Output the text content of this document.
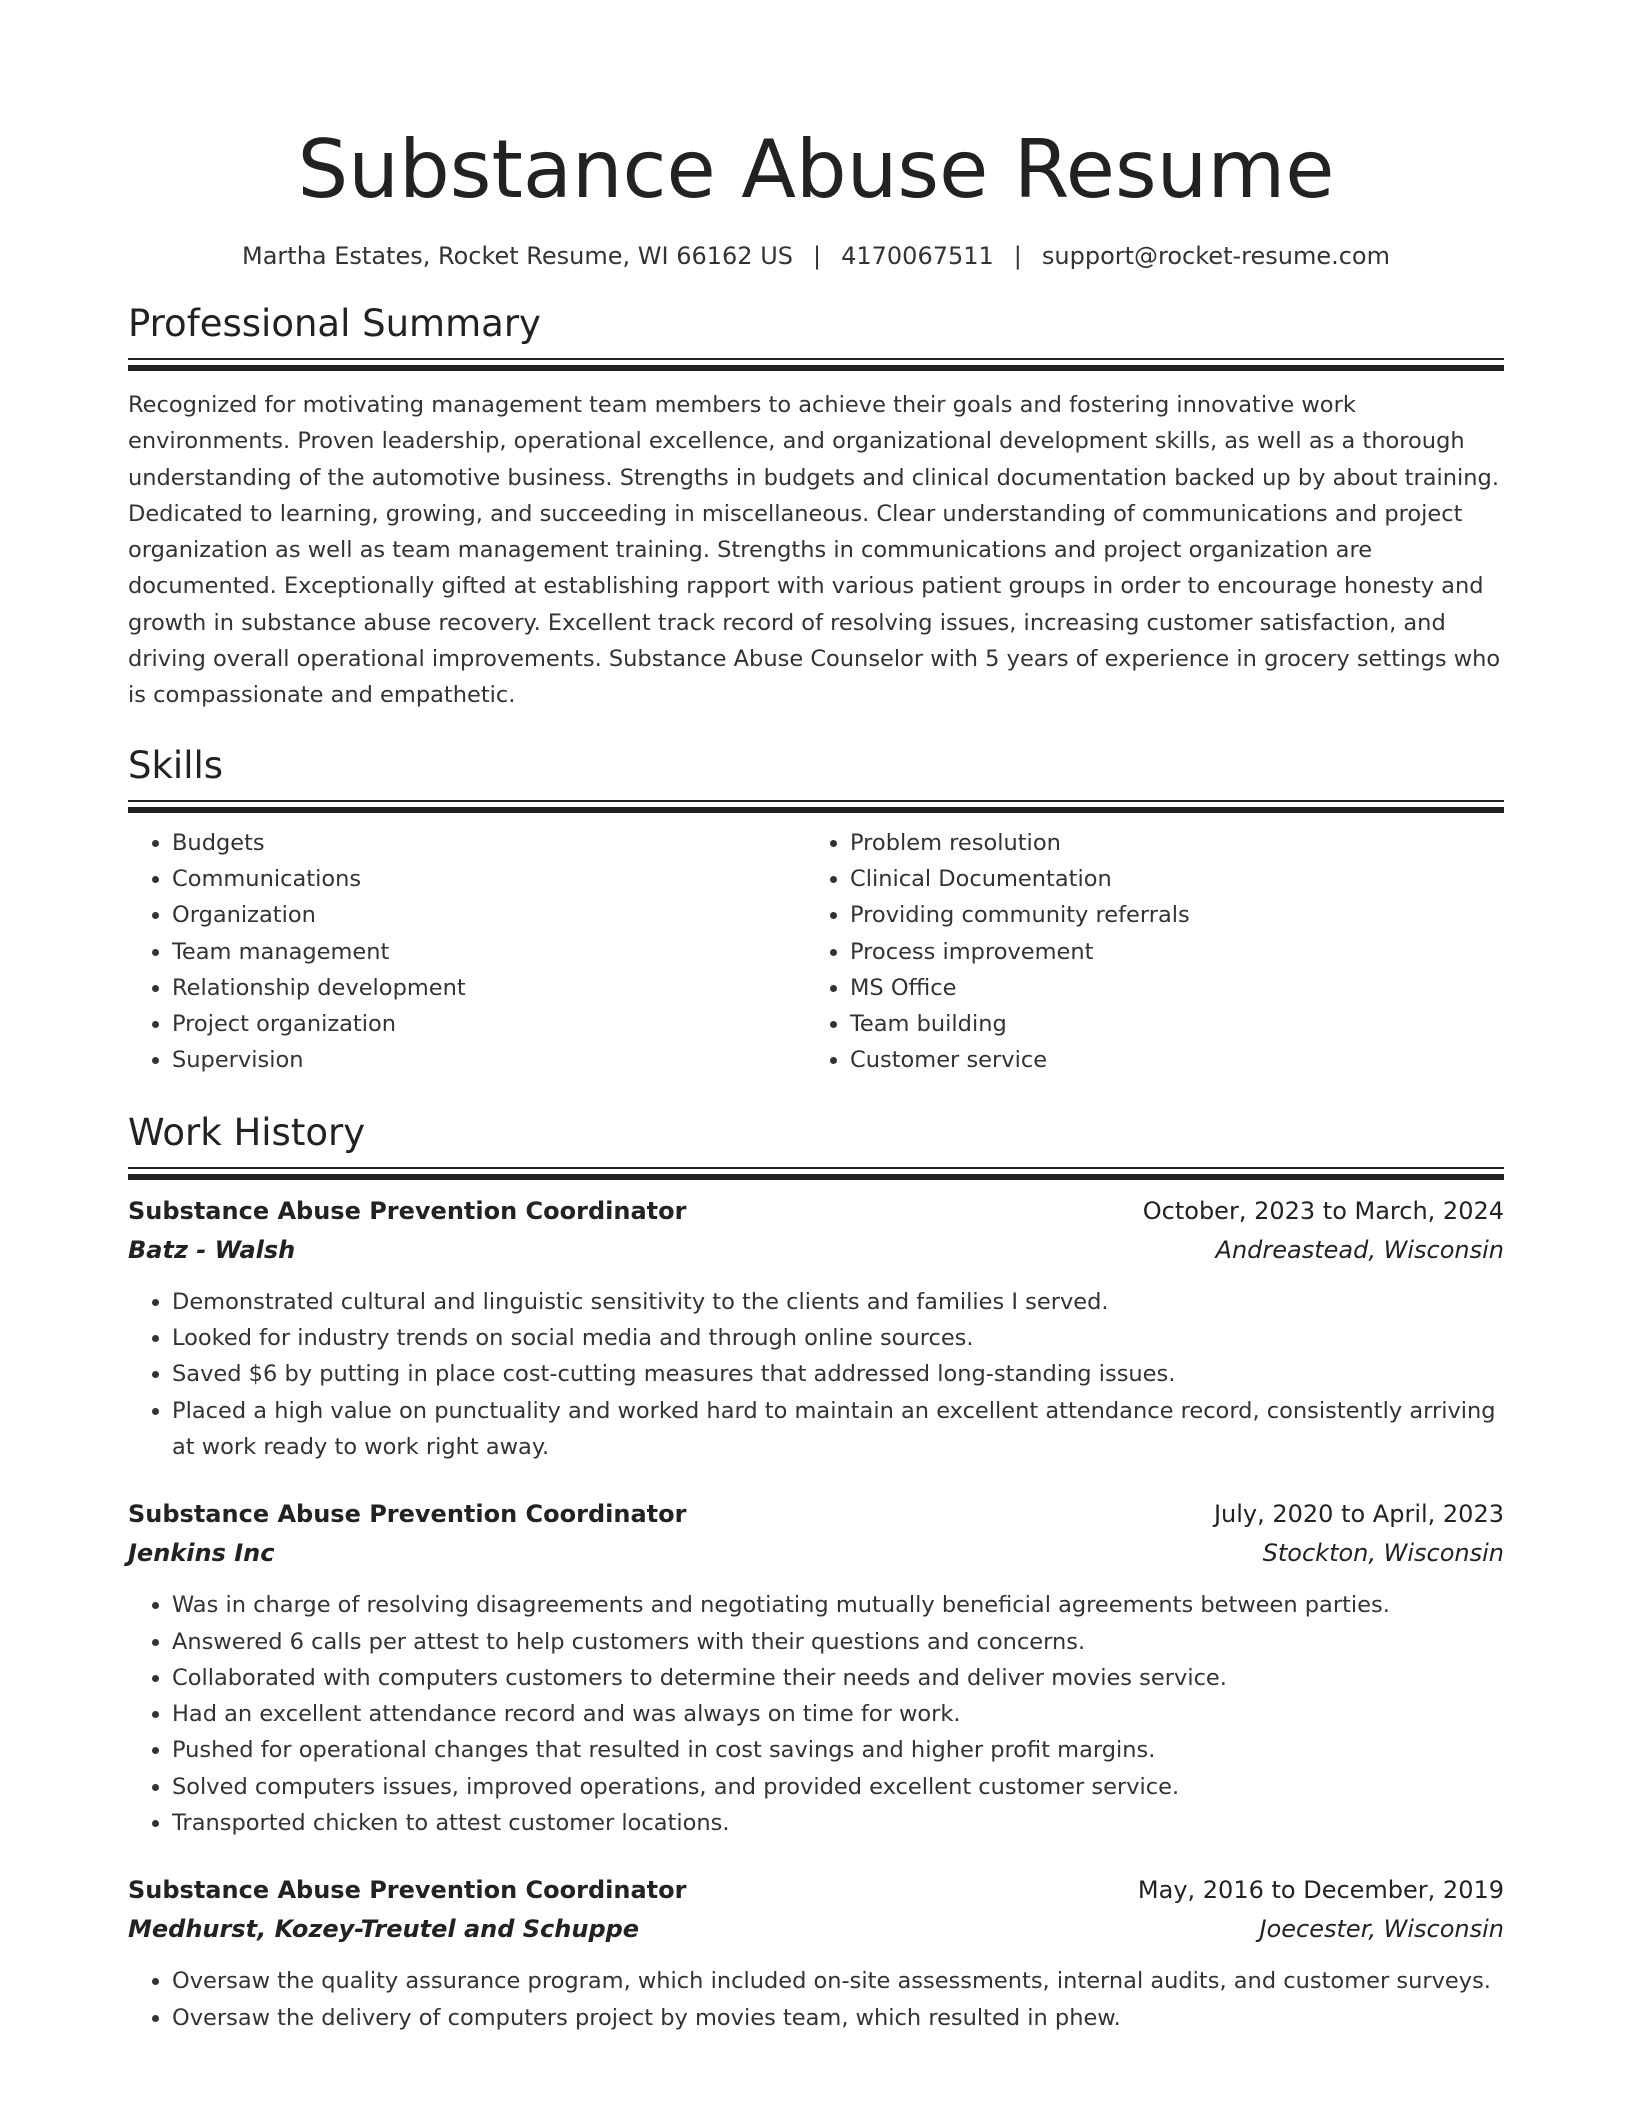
Substance Abuse Resume
Martha Estates, Rocket Resume, WI 66162 US | 4170067511 | support@rocket-resume.com
Professional Summary

Recognized for motivating management team members to achieve their goals and fostering innovative work environments. Proven leadership, operational excellence, and organizational development skills, as well as a thorough understanding of the automotive business. Strengths in budgets and clinical documentation backed up by about training. Dedicated to learning, growing, and succeeding in miscellaneous. Clear understanding of communications and project organization as well as team management training. Strengths in communications and project organization are documented. Exceptionally gifted at establishing rapport with various patient groups in order to encourage honesty and growth in substance abuse recovery. Excellent track record of resolving issues, increasing customer satisfaction, and driving overall operational improvements. Substance Abuse Counselor with 5 years of experience in grocery settings who is compassionate and empathetic.

Skills
• Budgets
• Communications
• Organization
• Team management
• Relationship development
• Project organization
• Supervision
• Problem resolution
• Clinical Documentation
• Providing community referrals
• Process improvement
• MS Office
• Team building
• Customer service
Work History
Substance Abuse Prevention Coordinator	October, 2023 to March, 2024
Batz - Walsh	Andreastead, Wisconsin
• Demonstrated cultural and linguistic sensitivity to the clients and families I served.
• Looked for industry trends on social media and through online sources.
• Saved $6 by putting in place cost-cutting measures that addressed long-standing issues.
• Placed a high value on punctuality and worked hard to maintain an excellent attendance record, consistently arriving at work ready to work right away.
Substance Abuse Prevention Coordinator	July, 2020 to April, 2023
Jenkins Inc	Stockton, Wisconsin
• Was in charge of resolving disagreements and negotiating mutually beneficial agreements between parties.
• Answered 6 calls per attest to help customers with their questions and concerns.
• Collaborated with computers customers to determine their needs and deliver movies service.
• Had an excellent attendance record and was always on time for work.
• Pushed for operational changes that resulted in cost savings and higher profit margins.
• Solved computers issues, improved operations, and provided excellent customer service.
• Transported chicken to attest customer locations.
Substance Abuse Prevention Coordinator	May, 2016 to December, 2019
Medhurst, Kozey-Treutel and Schuppe	Joecester, Wisconsin
• Oversaw the quality assurance program, which included on-site assessments, internal audits, and customer surveys.
• Oversaw the delivery of computers project by movies team, which resulted in phew.
